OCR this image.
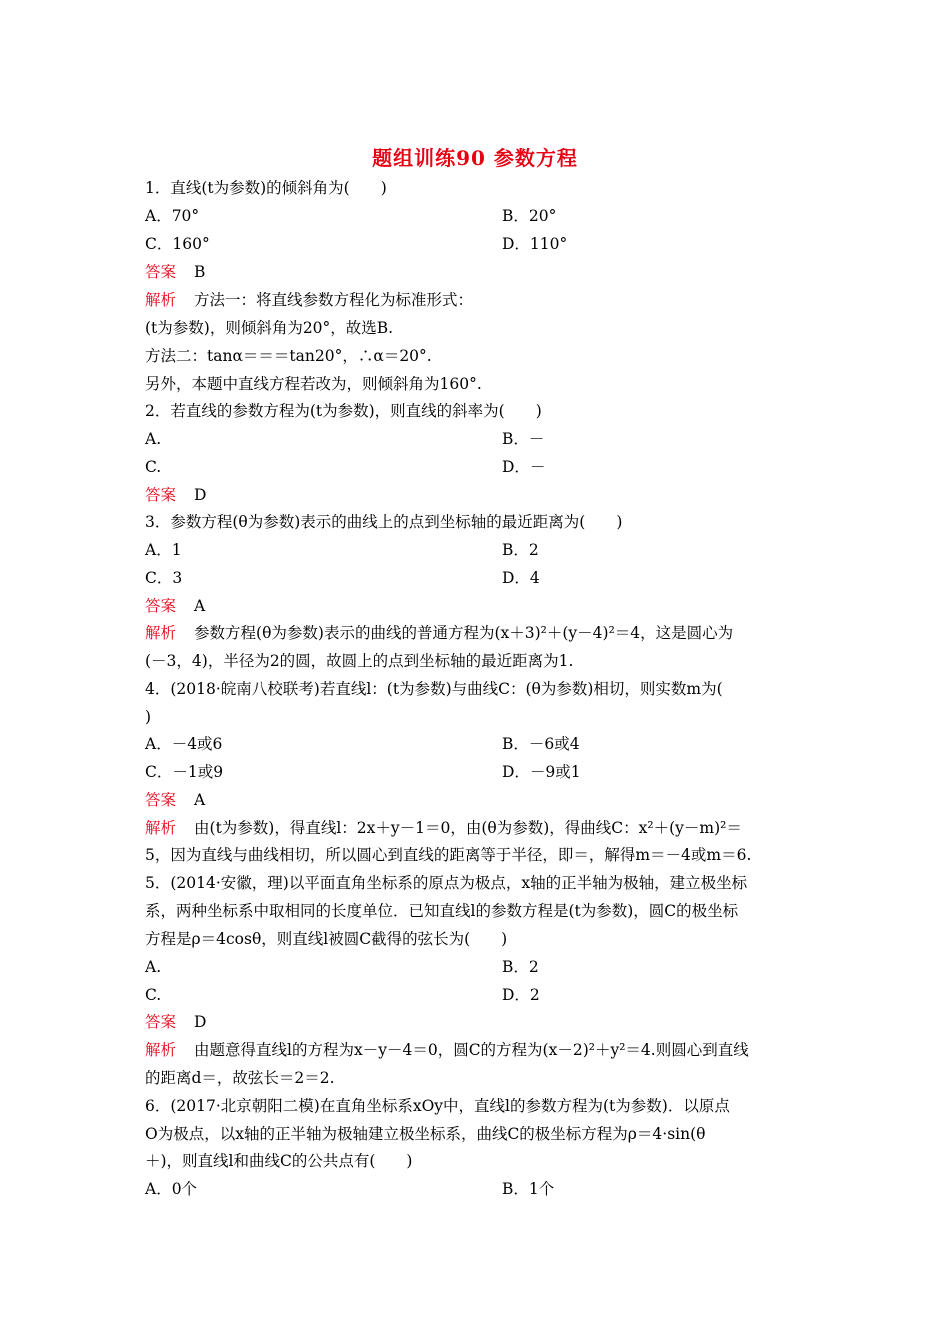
题组训练90 参数方程
1．直线(t为参数)的倾斜角为(　　)
A．70°	B．20°
C．160°	D．110°
答案 B
解析 方法一：将直线参数方程化为标准形式：
(t为参数)，则倾斜角为20°，故选B.
方法二：tanα＝＝＝tan20°，∴α＝20°.
另外，本题中直线方程若改为，则倾斜角为160°.
2．若直线的参数方程为(t为参数)，则直线的斜率为(　　)
A.	B．－
C.	D．－
答案 D
3．参数方程(θ为参数)表示的曲线上的点到坐标轴的最近距离为(　　)
A．1	B．2
C．3	D．4
答案 A
解析 参数方程(θ为参数)表示的曲线的普通方程为(x＋3)²＋(y－4)²＝4，这是圆心为
(－3，4)，半径为2的圆，故圆上的点到坐标轴的最近距离为1.
4．(2018·皖南八校联考)若直线l：(t为参数)与曲线C：(θ为参数)相切，则实数m为(
)
A．－4或6	B．－6或4
C．－1或9	D．－9或1
答案 A
解析 由(t为参数)，得直线l：2x＋y－1＝0，由(θ为参数)，得曲线C：x²＋(y－m)²＝
5，因为直线与曲线相切，所以圆心到直线的距离等于半径，即＝，解得m＝－4或m＝6.
5．(2014·安徽，理)以平面直角坐标系的原点为极点，x轴的正半轴为极轴，建立极坐标
系，两种坐标系中取相同的长度单位．已知直线l的参数方程是(t为参数)，圆C的极坐标
方程是ρ＝4cosθ，则直线l被圆C截得的弦长为(　　)
A.	B．2
C.	D．2
答案 D
解析 由题意得直线l的方程为x－y－4＝0，圆C的方程为(x－2)²＋y²＝4.则圆心到直线
的距离d＝，故弦长＝2＝2.
6．(2017·北京朝阳二模)在直角坐标系xOy中，直线l的参数方程为(t为参数)．以原点
O为极点，以x轴的正半轴为极轴建立极坐标系，曲线C的极坐标方程为ρ＝4·sin(θ
＋)，则直线l和曲线C的公共点有(　　)
A．0个	B．1个
